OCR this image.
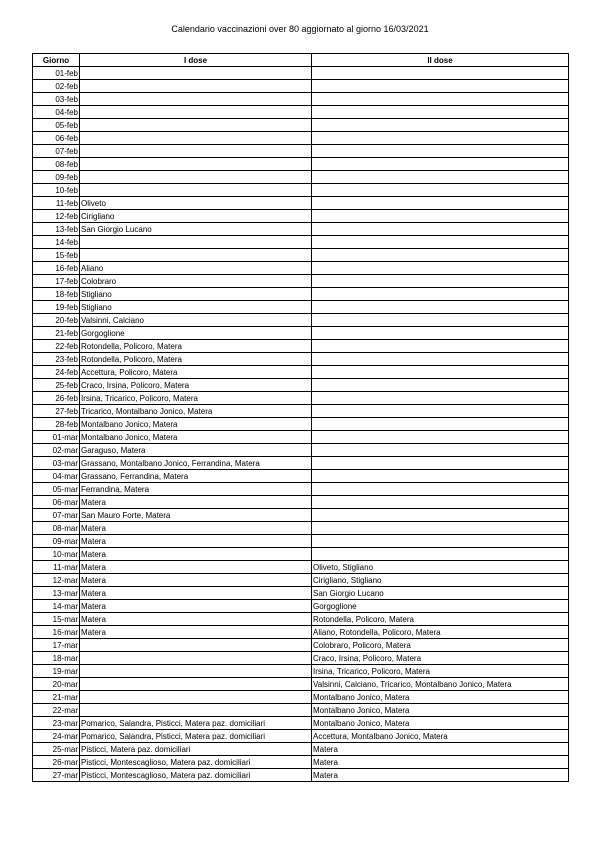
Calendario vaccinazioni over 80 aggiornato al giorno 16/03/2021
Giorno	I dose	II dose
01-feb		
02-feb		
03-feb		
04-feb		
05-feb		
06-feb		
07-feb		
08-feb		
09-feb		
10-feb		
11-feb	Oliveto	
12-feb	Cirigliano	
13-feb	San Giorgio Lucano	
14-feb		
15-feb		
16-feb	Aliano	
17-feb	Colobraro	
18-feb	Stigliano	
19-feb	Stigliano	
20-feb	Valsinni, Calciano	
21-feb	Gorgoglione	
22-feb	Rotondella, Policoro, Matera	
23-feb	Rotondella, Policoro, Matera	
24-feb	Accettura, Policoro, Matera	
25-feb	Craco, Irsina, Policoro, Matera	
26-feb	Irsina, Tricarico, Policoro, Matera	
27-feb	Tricarico, Montalbano Jonico, Matera	
28-feb	Montalbano Jonico, Matera	
01-mar	Montalbano Jonico, Matera	
02-mar	Garaguso, Matera	
03-mar	Grassano, Montalbano Jonico, Ferrandina, Matera	
04-mar	Grassano, Ferrandina, Matera	
05-mar	Ferrandina, Matera	
06-mar	Matera	
07-mar	San Mauro Forte, Matera	
08-mar	Matera	
09-mar	Matera	
10-mar	Matera	
11-mar	Matera	Oliveto, Stigliano
12-mar	Matera	Cirigliano, Stigliano
13-mar	Matera	San Giorgio Lucano
14-mar	Matera	Gorgoglione
15-mar	Matera	Rotondella, Policoro, Matera
16-mar	Matera	Aliano, Rotondella, Policoro, Matera
17-mar		Colobraro, Policoro, Matera
18-mar		Craco, Irsina, Policoro, Matera
19-mar		Irsina, Tricarico, Policoro, Matera
20-mar		Valsinni, Calciano, Tricarico, Montalbano Jonico, Matera
21-mar		Montalbano Jonico, Matera
22-mar		Montalbano Jonico, Matera
23-mar	Pomarico, Salandra, Pisticci, Matera paz. domiciliari	Montalbano Jonico, Matera
24-mar	Pomarico, Salandra, Pisticci, Matera paz. domiciliari	Accettura, Montalbano Jonico, Matera
25-mar	Pisticci, Matera paz. domiciliari	Matera
26-mar	Pisticci, Montescaglioso, Matera paz. domiciliari	Matera
27-mar	Pisticci, Montescaglioso, Matera paz. domiciliari	Matera
